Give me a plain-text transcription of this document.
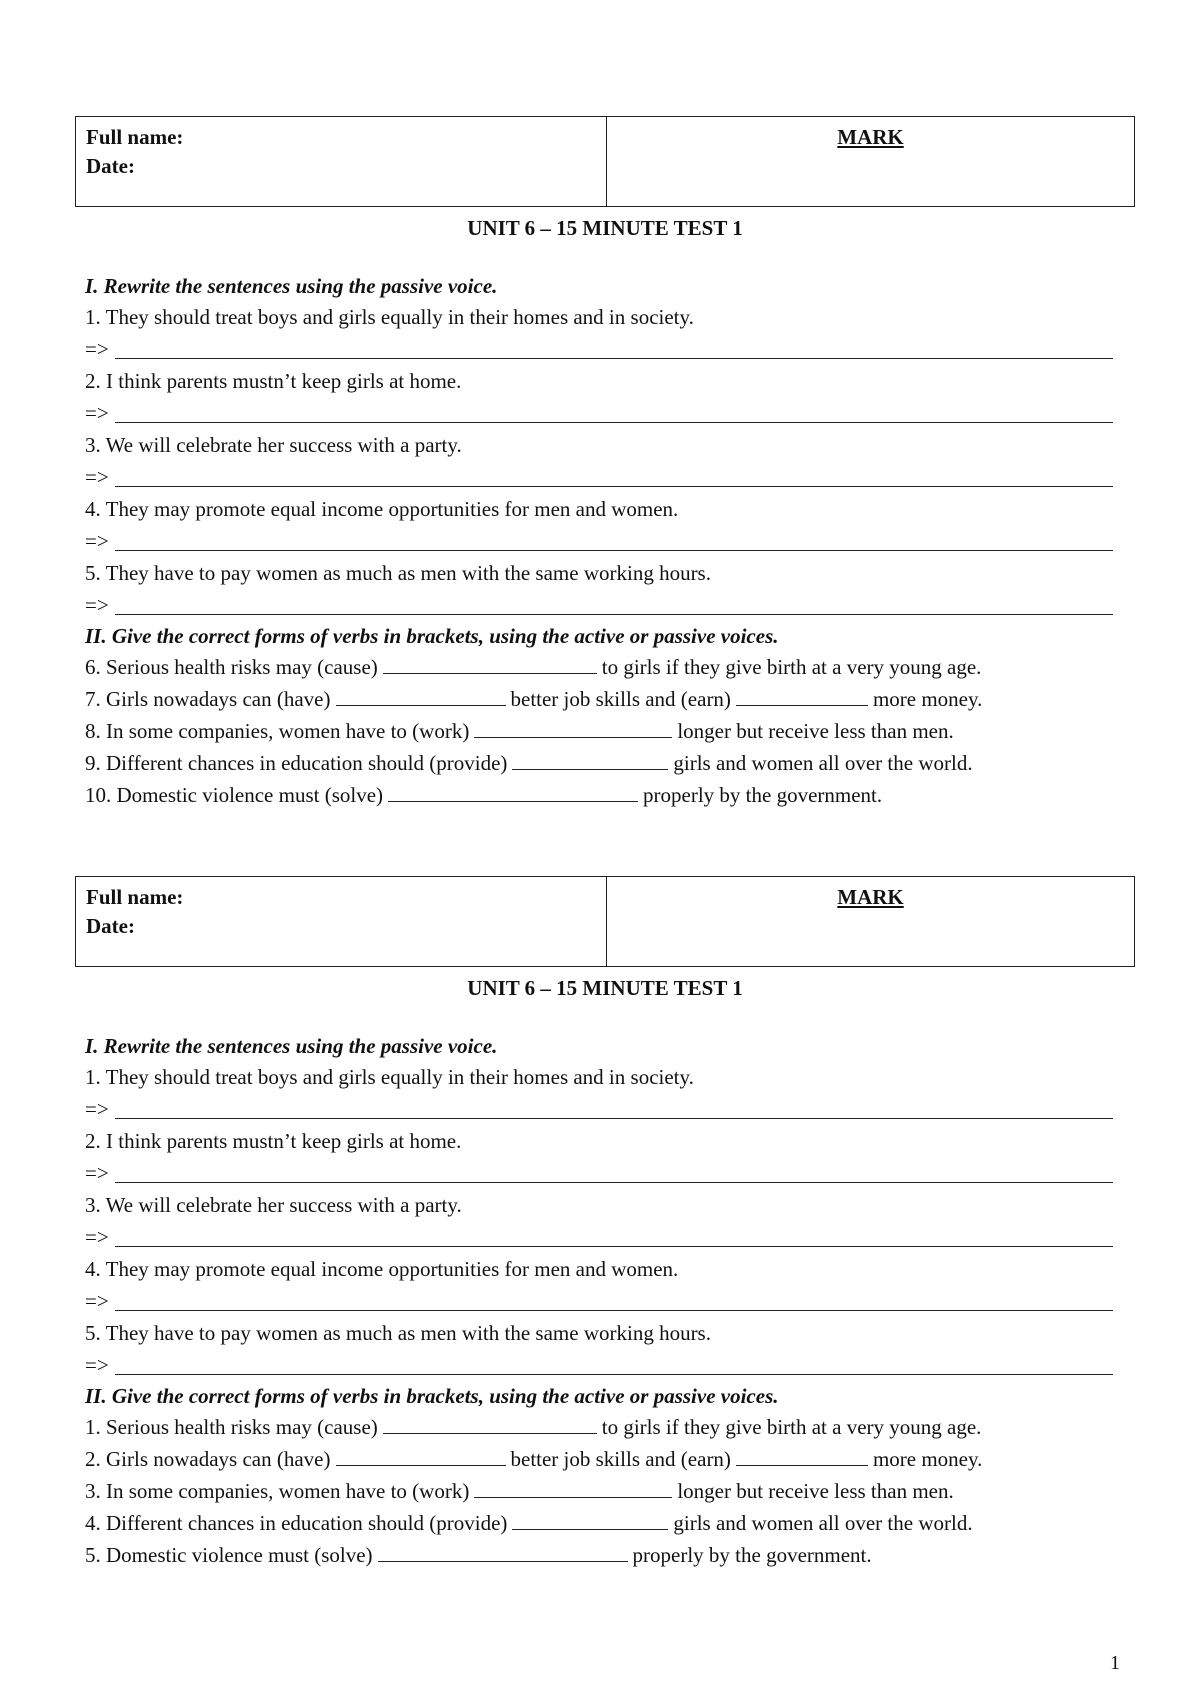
Full name:
Date:
MARK
UNIT 6 – 15 MINUTE TEST 1
I. Rewrite the sentences using the passive voice.
1. They should treat boys and girls equally in their homes and in society.
=>
2. I think parents mustn’t keep girls at home.
=>
3. We will celebrate her success with a party.
=>
4. They may promote equal income opportunities for men and women.
=>
5. They have to pay women as much as men with the same working hours.
=>
II. Give the correct forms of verbs in brackets, using the active or passive voices.
6. Serious health risks may (cause)	to girls if they give birth at a very young age.
7. Girls nowadays can (have)	better job skills and (earn)	more money.
8. In some companies, women have to (work)	longer but receive less than men.
9. Different chances in education should (provide)	girls and women all over the world.
10. Domestic violence must (solve)	properly by the government.
Full name:
Date:
MARK
UNIT 6 – 15 MINUTE TEST 1
I. Rewrite the sentences using the passive voice.
1. They should treat boys and girls equally in their homes and in society.
=>
2. I think parents mustn’t keep girls at home.
=>
3. We will celebrate her success with a party.
=>
4. They may promote equal income opportunities for men and women.
=>
5. They have to pay women as much as men with the same working hours.
=>
II. Give the correct forms of verbs in brackets, using the active or passive voices.
1. Serious health risks may (cause)	to girls if they give birth at a very young age.
2. Girls nowadays can (have)	better job skills and (earn)	more money.
3. In some companies, women have to (work)	longer but receive less than men.
4. Different chances in education should (provide)	girls and women all over the world.
5. Domestic violence must (solve)	properly by the government.
1
